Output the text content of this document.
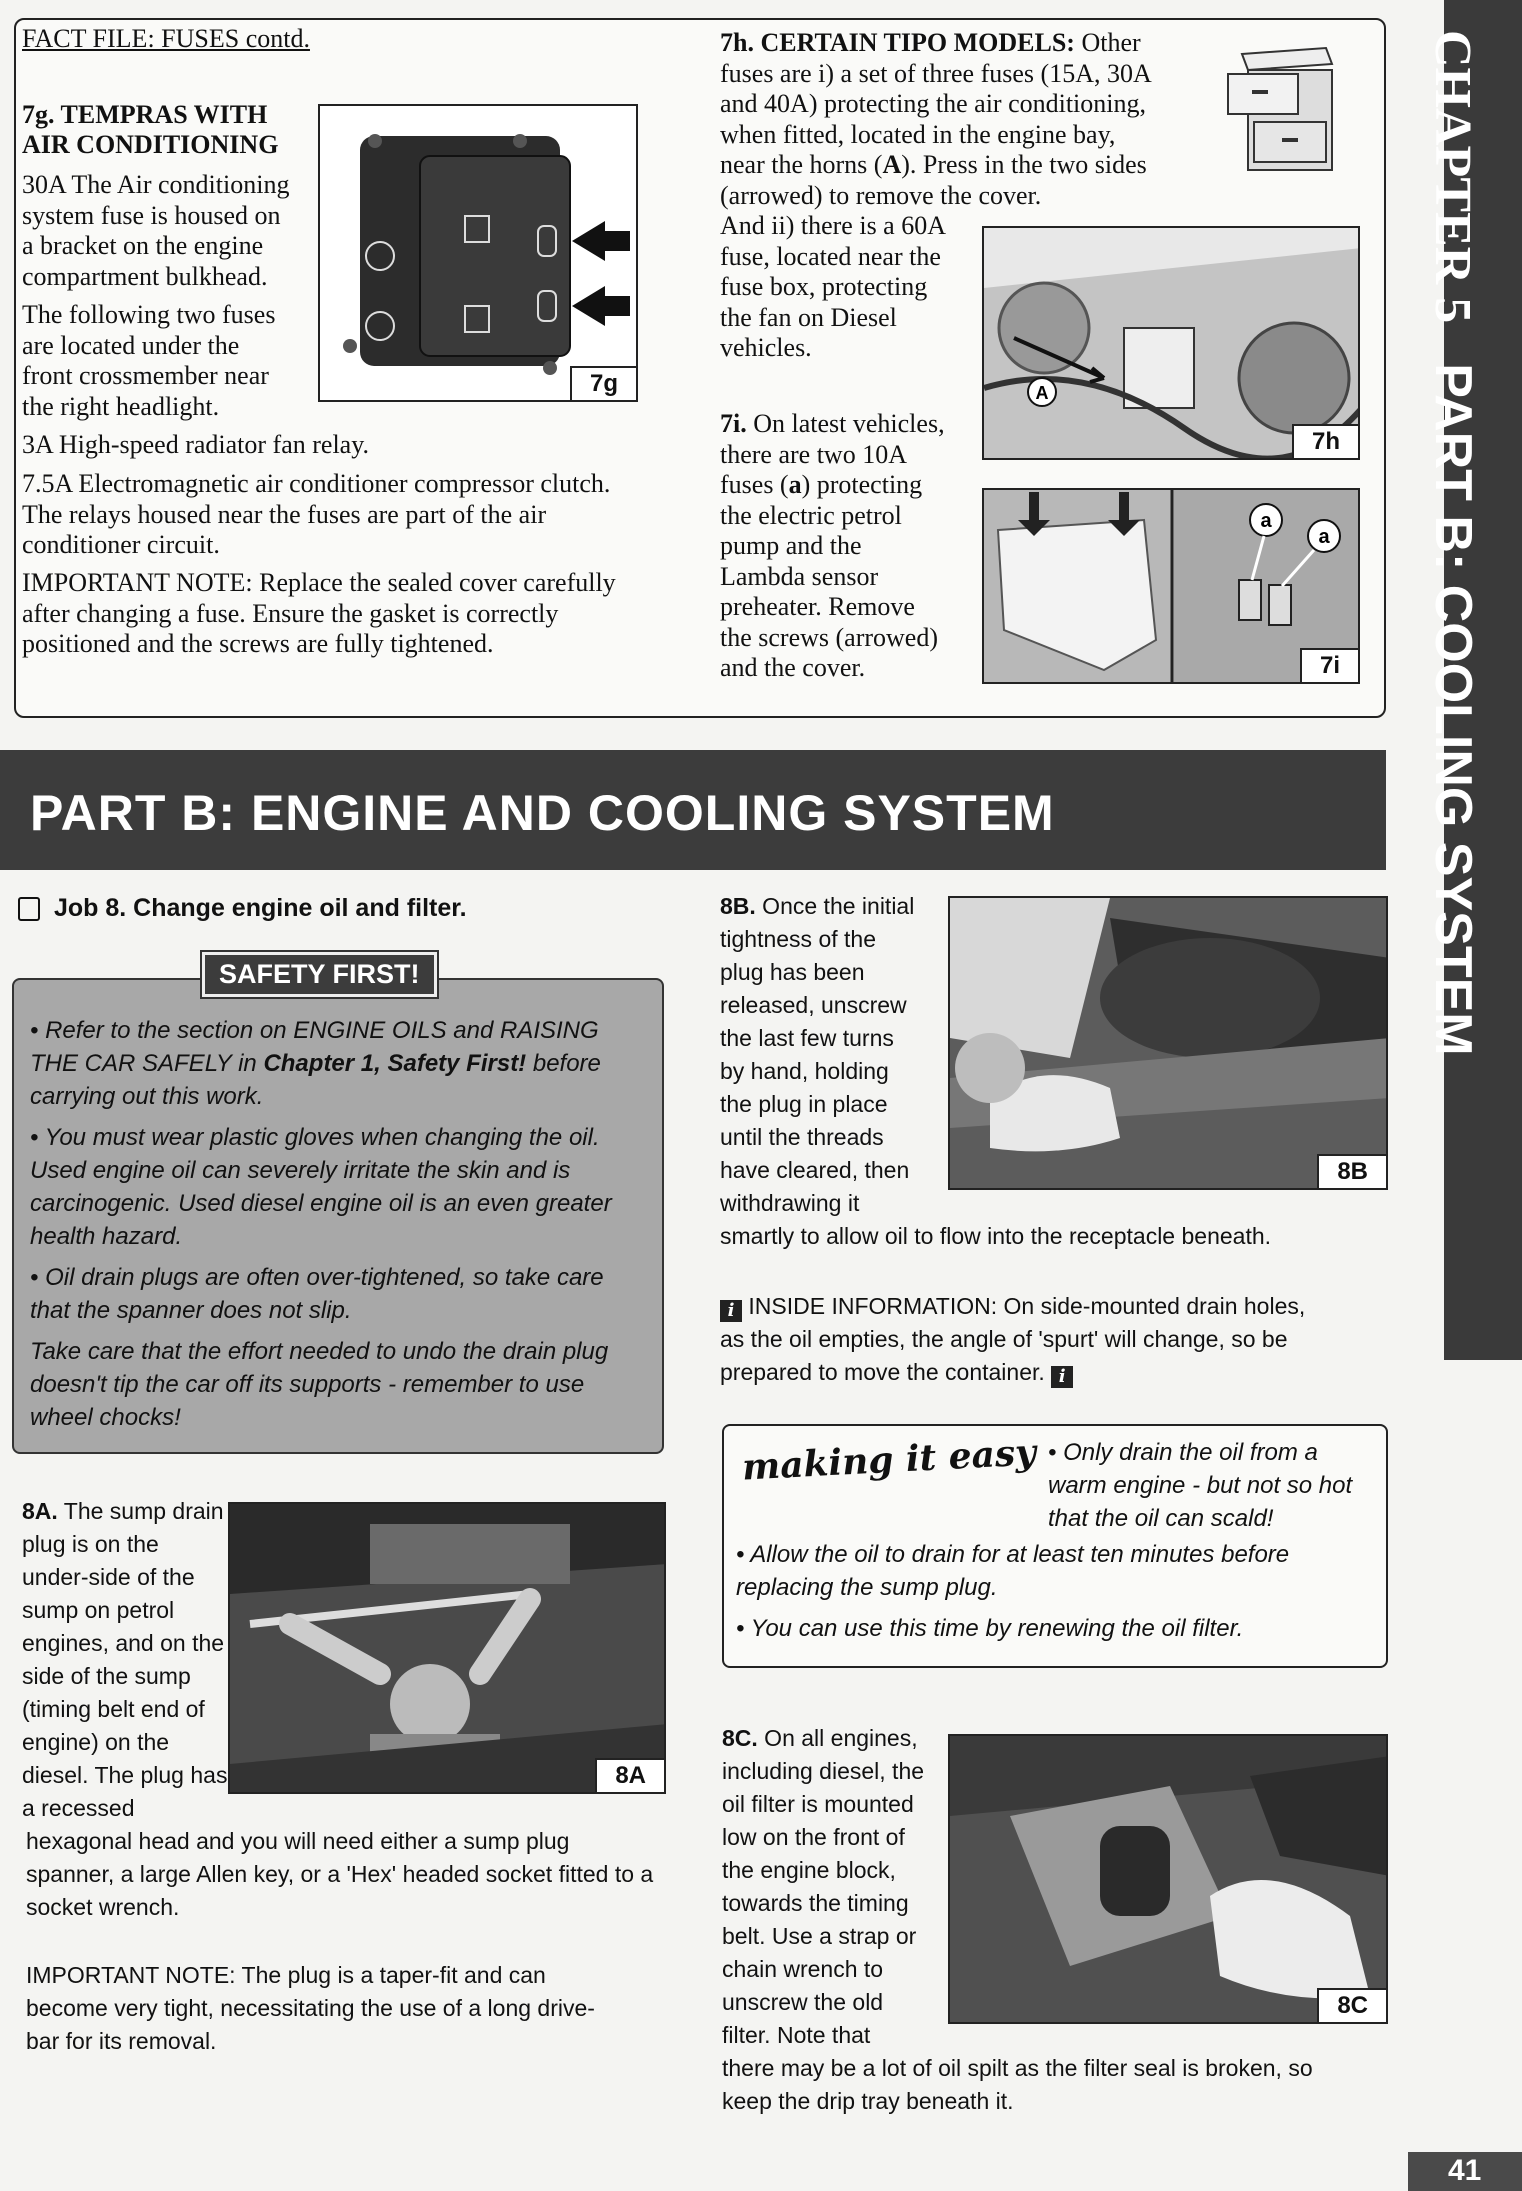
FACT FILE: FUSES contd.
7g. TEMPRAS WITH
AIR CONDITIONING
30A The Air conditioning
system fuse is housed on
a bracket on the engine
compartment bulkhead.
The following two fuses
are located under the
front crossmember near
the right headlight.
7g
3A High-speed radiator fan relay.
7.5A Electromagnetic air conditioner compressor clutch.
The relays housed near the fuses are part of the air
conditioner circuit.
IMPORTANT NOTE: Replace the sealed cover carefully
after changing a fuse. Ensure the gasket is correctly
positioned and the screws are fully tightened.
7h. CERTAIN TIPO MODELS: Other
fuses are i) a set of three fuses (15A, 30A
and 40A) protecting the air conditioning,
when fitted, located in the engine bay,
near the horns (A). Press in the two sides
(arrowed) to remove the cover.
And ii) there is a 60A
fuse, located near the
fuse box, protecting
the fan on Diesel
vehicles.
A
7h
7i. On latest vehicles,
there are two 10A
fuses (a) protecting
the electric petrol
pump and the
Lambda sensor
preheater. Remove
the screws (arrowed)
and the cover.
a
a
7i
CHAPTER 5PART B: COOLING SYSTEM
PART B: ENGINE AND COOLING SYSTEM
Job 8. Change engine oil and filter.

• Refer to the section on ENGINE OILS and RAISING THE CAR SAFELY in Chapter 1, Safety First! before carrying out this work.

• You must wear plastic gloves when changing the oil. Used engine oil can severely irritate the skin and is carcinogenic. Used diesel engine oil is an even greater health hazard.

• Oil drain plugs are often over-tightened, so take care that the spanner does not slip.

Take care that the effort needed to undo the drain plug doesn't tip the car off its supports - remember to use wheel chocks!

SAFETY FIRST!
8A. The sump drain
plug is on the
under-side of the
sump on petrol
engines, and on the
side of the sump
(timing belt end of
engine) on the
diesel. The plug has
a recessed
8A
hexagonal head and you will need either a sump plug
spanner, a large Allen key, or a 'Hex' headed socket fitted to a
socket wrench.
IMPORTANT NOTE: The plug is a taper-fit and can
become very tight, necessitating the use of a long drive-
bar for its removal.
8B. Once the initial
tightness of the
plug has been
released, unscrew
the last few turns
by hand, holding
the plug in place
until the threads
have cleared, then
withdrawing it
smartly to allow oil to flow into the receptacle beneath.
8B
i INSIDE INFORMATION: On side-mounted drain holes,
as the oil empties, the angle of 'spurt' will change, so be
prepared to move the container. i
making it easy • Only drain the oil from a warm engine - but not so hot that the oil can scald!
• Allow the oil to drain for at least ten minutes before replacing the sump plug.
• You can use this time by renewing the oil filter.
8C. On all engines,
including diesel, the
oil filter is mounted
low on the front of
the engine block,
towards the timing
belt. Use a strap or
chain wrench to
unscrew the old
filter. Note that
there may be a lot of oil spilt as the filter seal is broken, so
keep the drip tray beneath it.
8C
41
